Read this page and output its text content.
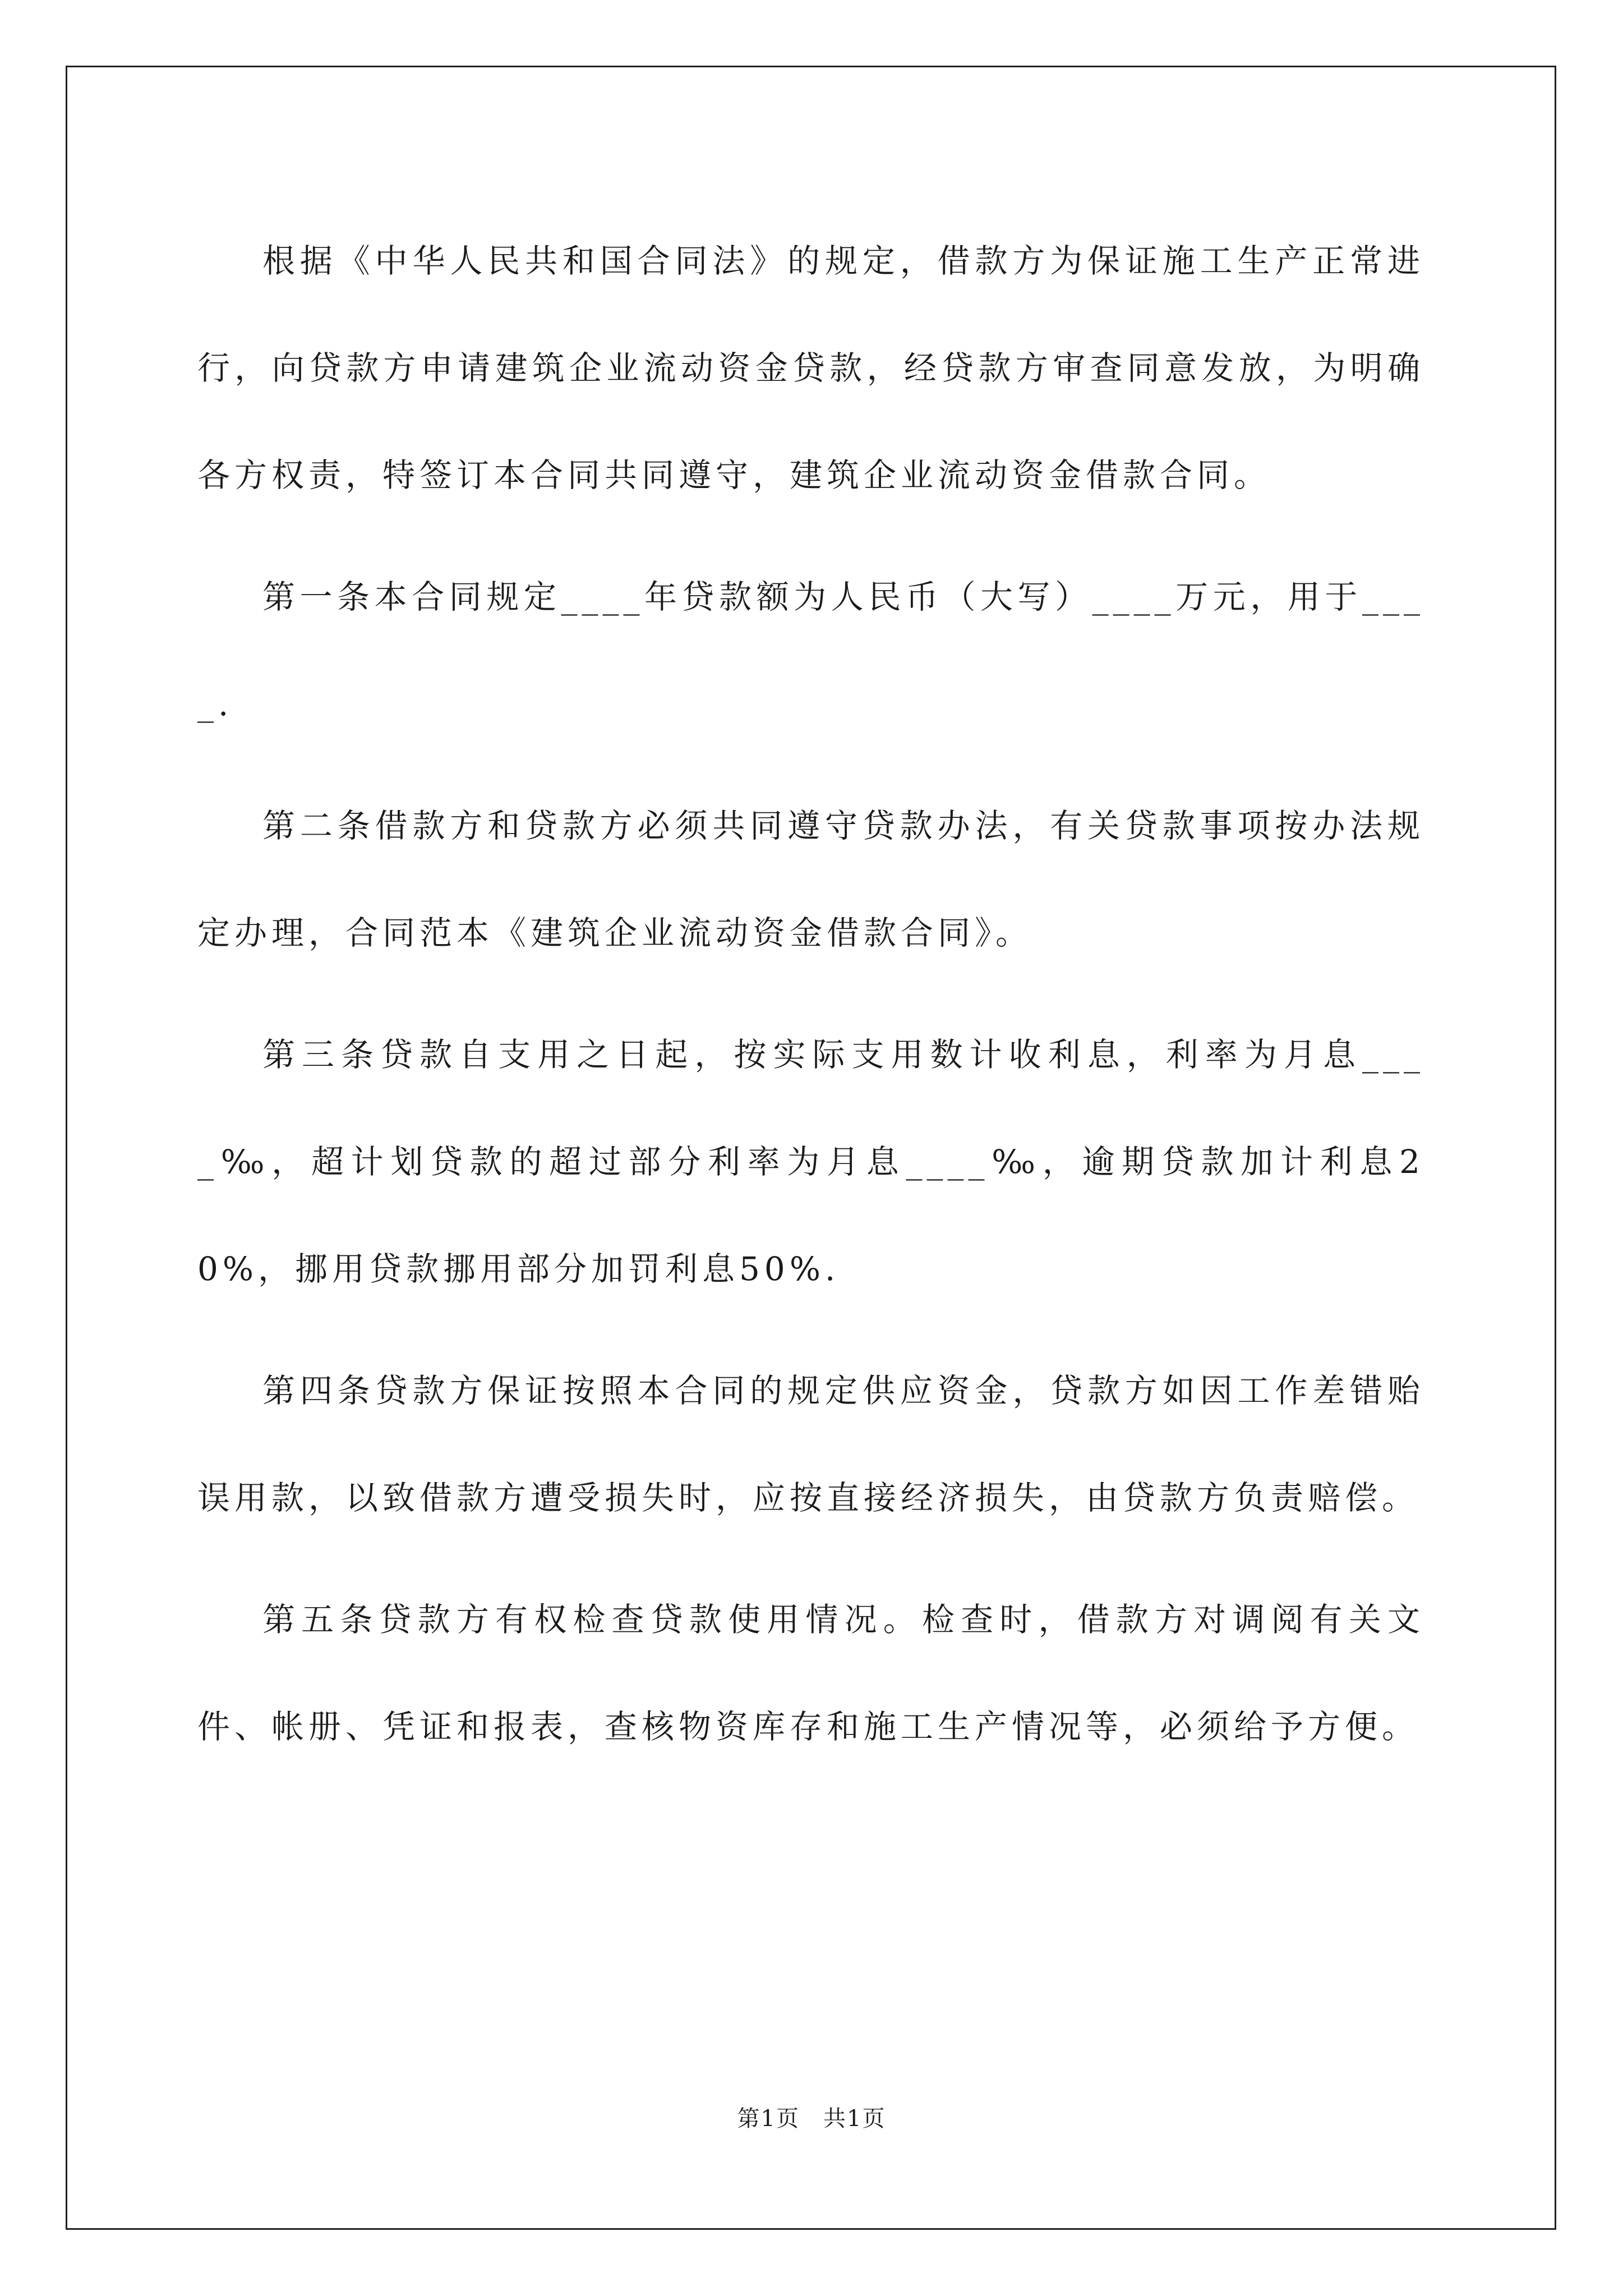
根据《中华人民共和国合同法》的规定，借款方为保证施工生产正常进行，向贷款方申请建筑企业流动资金贷款，经贷款方审查同意发放，为明确各方权责，特签订本合同共同遵守，建筑企业流动资金借款合同。

第一条本合同规定____年贷款额为人民币（大写）____万元，用于____.

第二条借款方和贷款方必须共同遵守贷款办法，有关贷款事项按办法规定办理，合同范本《建筑企业流动资金借款合同》。

第三条贷款自支用之日起，按实际支用数计收利息，利率为月息____‰，超计划贷款的超过部分利率为月息____‰，逾期贷款加计利息20%，挪用贷款挪用部分加罚利息50%.

第四条贷款方保证按照本合同的规定供应资金，贷款方如因工作差错贻误用款，以致借款方遭受损失时，应按直接经济损失，由贷款方负责赔偿。

第五条贷款方有权检查贷款使用情况。检查时，借款方对调阅有关文件、帐册、凭证和报表，查核物资库存和施工生产情况等，必须给予方便。

第1页　共1页
